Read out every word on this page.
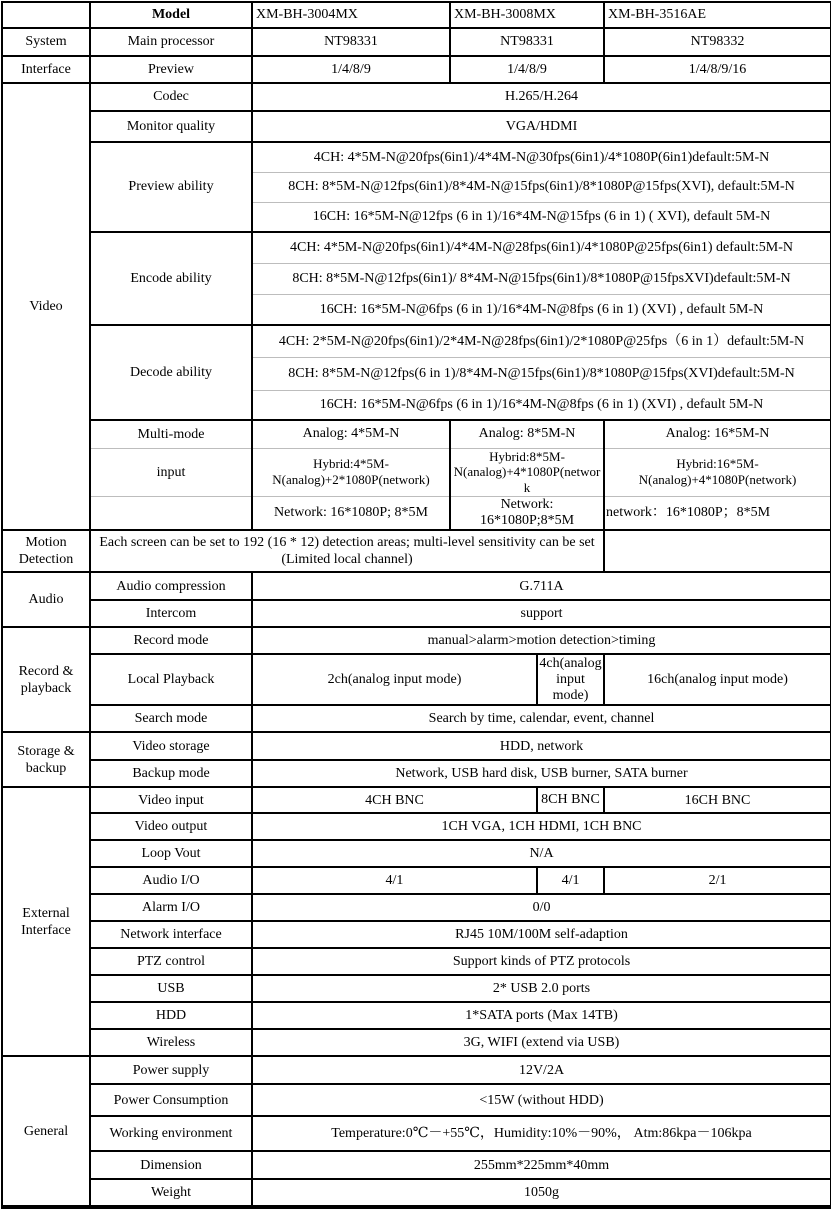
	Model	XM-BH-3004MX	XM-BH-3008MX		XM-BH-3516AE
System	Main processor	NT98331	NT98331		NT98332
Interface	Preview	1/4/8/9	1/4/8/9		1/4/8/9/16
Video	Codec	H.265/H.264			
	Monitor quality	VGA/HDMI			
	Preview ability	4CH: 4*5M-N@20fps(6in1)/4*4M-N@30fps(6in1)/4*1080P(6in1)default:5M-N			
		8CH: 8*5M-N@12fps(6in1)/8*4M-N@15fps(6in1)/8*1080P@15fps(XVI), default:5M-N			
		16CH: 16*5M-N@12fps (6 in 1)/16*4M-N@15fps (6 in 1) ( XVI), default 5M-N			
	Encode ability	4CH: 4*5M-N@20fps(6in1)/4*4M-N@28fps(6in1)/4*1080P@25fps(6in1) default:5M-N			
		8CH: 8*5M-N@12fps(6in1)/ 8*4M-N@15fps(6in1)/8*1080P@15fpsXVI)default:5M-N			
		16CH: 16*5M-N@6fps (6 in 1)/16*4M-N@8fps (6 in 1) (XVI) , default 5M-N			
	Decode ability	4CH: 2*5M-N@20fps(6in1)/2*4M-N@28fps(6in1)/2*1080P@25fps（6 in 1）default:5M-N			
		8CH: 8*5M-N@12fps(6 in 1)/8*4M-N@15fps(6in1)/8*1080P@15fps(XVI)default:5M-N			
		16CH: 16*5M-N@6fps (6 in 1)/16*4M-N@8fps (6 in 1) (XVI) , default 5M-N			
	Multi-mode	Analog: 4*5M-N	Analog: 8*5M-N		Analog: 16*5M-N
	input	Hybrid:4*5M-N(analog)+2*1080P(network)	Hybrid:8*5M-N(analog)+4*1080P(network		Hybrid:16*5M-N(analog)+4*1080P(network)
		Network: 16*1080P; 8*5M	Network: 16*1080P;8*5M		network：16*1080P；8*5M
Motion Detection	Each screen can be set to 192 (16 * 12) detection areas; multi-level sensitivity can be set (Limited local channel)				
Audio	Audio compression	G.711A			
	Intercom	support			
Record & playback	Record mode	manual>alarm>motion detection>timing			
	Local Playback	2ch(analog input mode)		4ch(analog input mode)	16ch(analog input mode)
	Search mode	Search by time, calendar, event, channel			
Storage & backup	Video storage	HDD, network			
	Backup mode	Network, USB hard disk, USB burner, SATA burner			
External Interface	Video input	4CH BNC		8CH BNC	16CH BNC
	Video output	1CH VGA, 1CH HDMI, 1CH BNC			
	Loop Vout	N/A			
	Audio I/O	4/1		4/1	2/1
	Alarm I/O	0/0			
	Network interface	RJ45 10M/100M self-adaption			
	PTZ control	Support kinds of PTZ protocols			
	USB	2* USB 2.0 ports			
	HDD	1*SATA ports (Max 14TB)			
	Wireless	3G, WIFI (extend via USB)			
General	Power supply	12V/2A			
	Power Consumption	<15W (without HDD)			
	Working environment	Temperature:0℃－+55℃，Humidity:10%－90%， Atm:86kpa－106kpa			
	Dimension	255mm*225mm*40mm			
	Weight	1050g			
